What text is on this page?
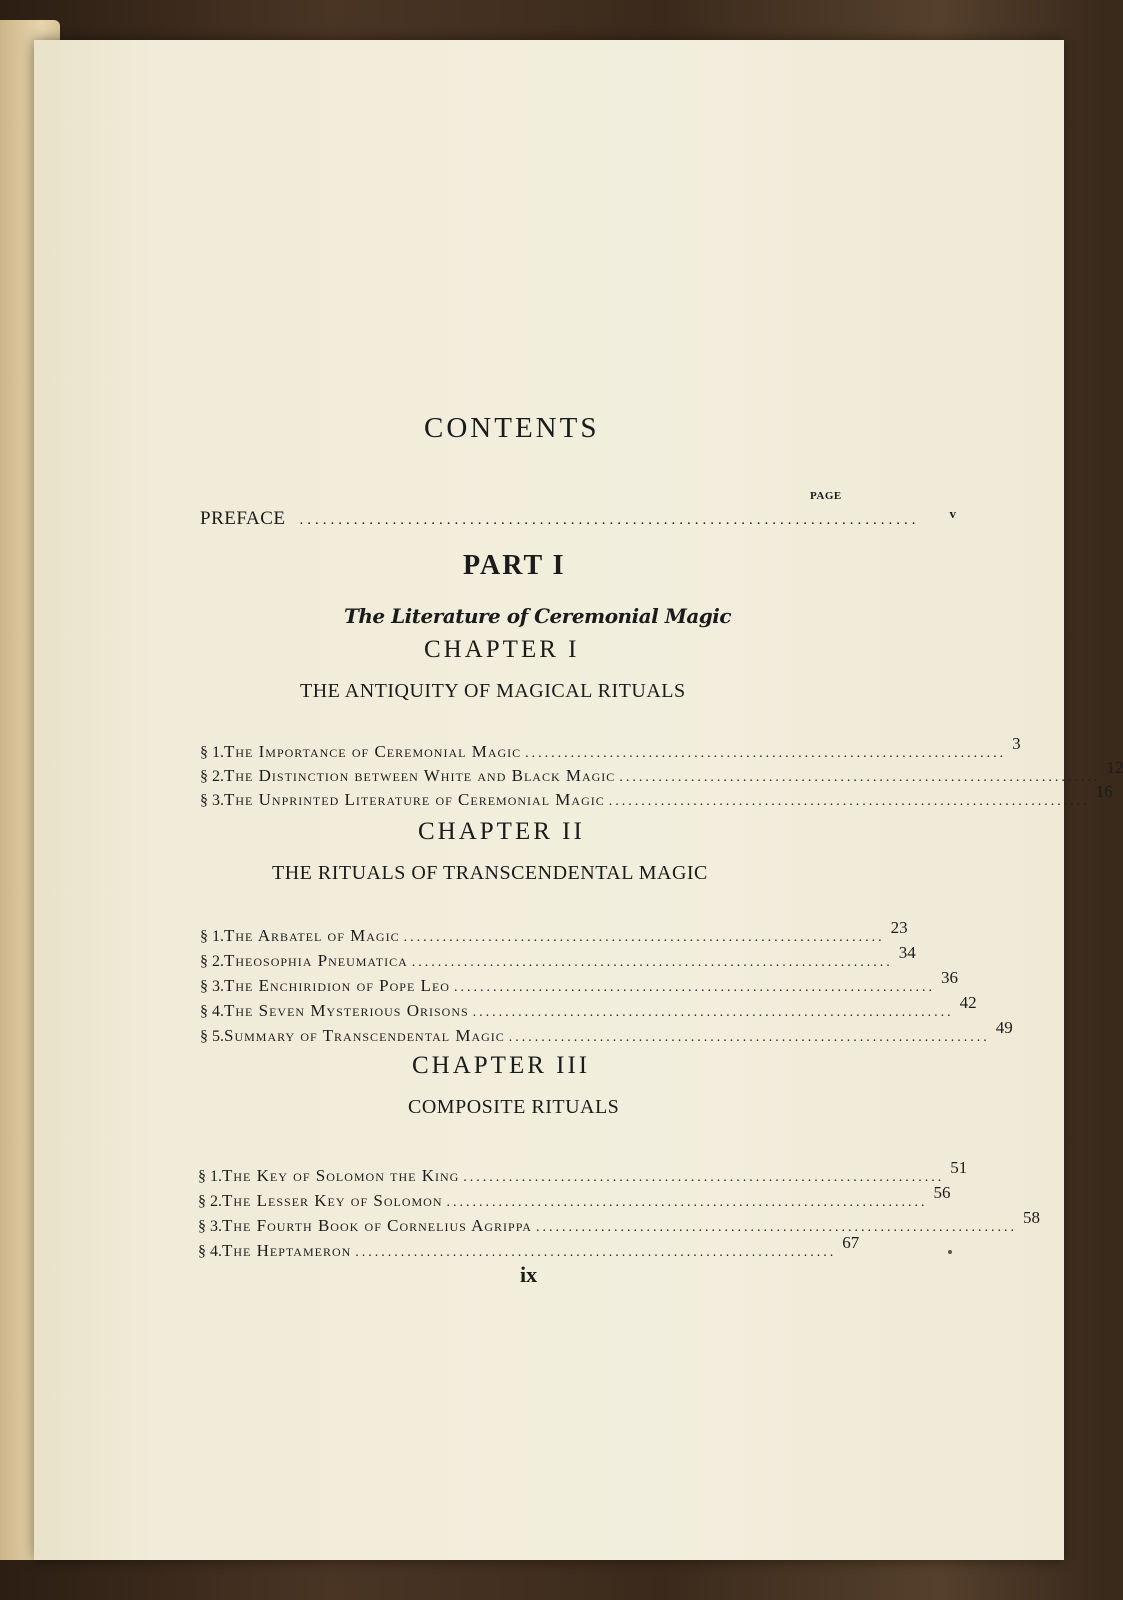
CONTENTS
PAGE
PREFACE ................................................................................ v
PART I
The Literature of Ceremonial Magic
CHAPTER I
THE ANTIQUITY OF MAGICAL RITUALS
§ 1. The Importance of Ceremonial Magic ..........................................................................
3
§ 2. The Distinction between White and Black Magic ..........................................................................
12
§ 3. The Unprinted Literature of Ceremonial Magic ..........................................................................
16
CHAPTER II
THE RITUALS OF TRANSCENDENTAL MAGIC
§ 1. The Arbatel of Magic ..........................................................................
23
§ 2. Theosophia Pneumatica ..........................................................................
34
§ 3. The Enchiridion of Pope Leo ..........................................................................
36
§ 4. The Seven Mysterious Orisons ..........................................................................
42
§ 5. Summary of Transcendental Magic ..........................................................................
49
CHAPTER III
COMPOSITE RITUALS
§ 1. The Key of Solomon the King ..........................................................................
51
§ 2. The Lesser Key of Solomon ..........................................................................
56
§ 3. The Fourth Book of Cornelius Agrippa ..........................................................................
58
§ 4. The Heptameron ..........................................................................
67
ix
